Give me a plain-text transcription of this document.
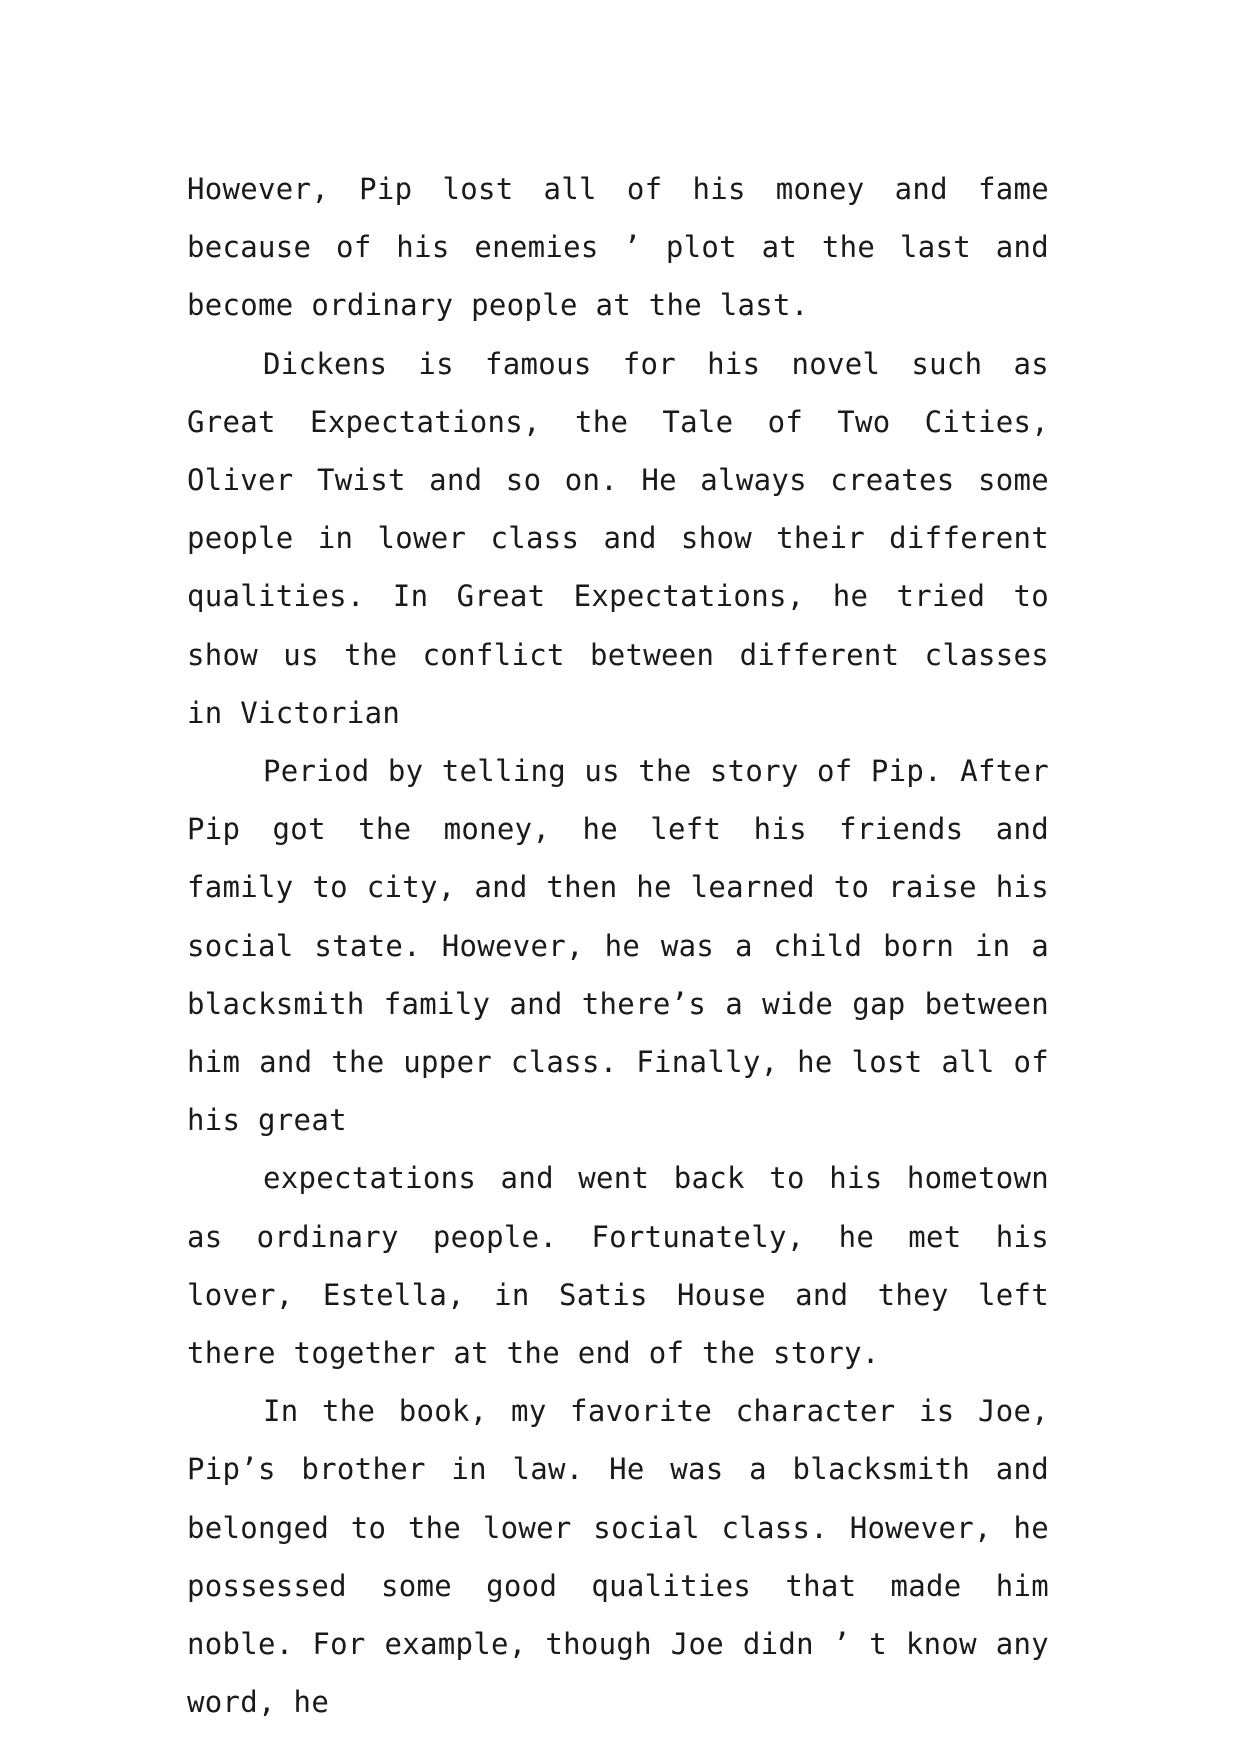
However, Pip lost all of his money and fame because of his enemies ’ plot at the last and become ordinary people at the last.

Dickens is famous for his novel such as Great Expectations, the Tale of Two Cities, Oliver Twist and so on. He always creates some people in lower class and show their different qualities. In Great Expectations, he tried to show us the conflict between different classes in Victorian

Period by telling us the story of Pip. After Pip got the money, he left his friends and family to city, and then he learned to raise his social state. However, he was a child born in a blacksmith family and there’s a wide gap between him and the upper class. Finally, he lost all of his great

expectations and went back to his hometown as ordinary people. Fortunately, he met his lover, Estella, in Satis House and they left there together at the end of the story.

In the book, my favorite character is Joe, Pip’s brother in law. He was a blacksmith and belonged to the lower social class. However, he possessed some good qualities that made him noble. For example, though Joe didn ’ t know any word, he
